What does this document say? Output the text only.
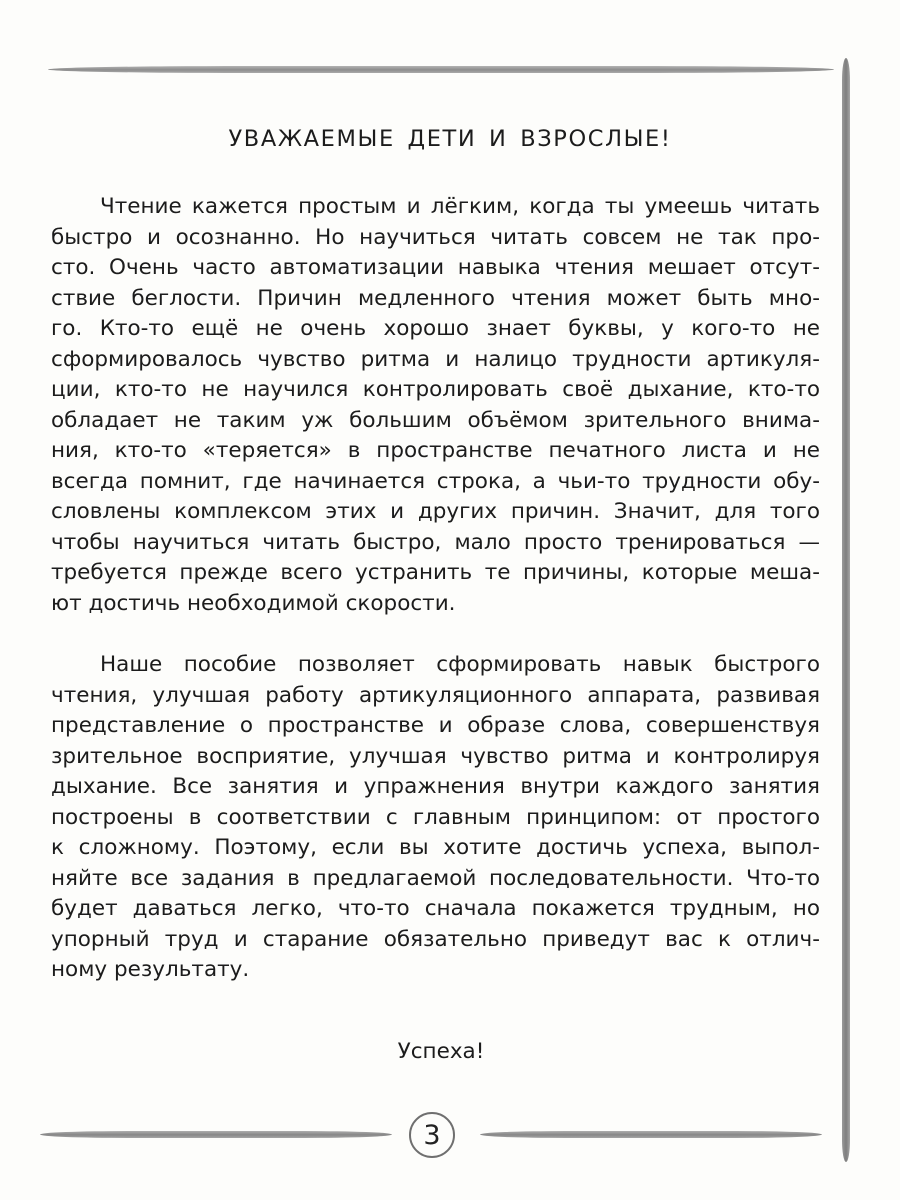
УВАЖАЕМЫЕ ДЕТИ И ВЗРОСЛЫЕ!
Чтение кажется простым и лёгким, когда ты умеешь читать
быстро и осознанно. Но научиться читать совсем не так про-
сто. Очень часто автоматизации навыка чтения мешает отсут-
ствие беглости. Причин медленного чтения может быть мно-
го. Кто-то ещё не очень хорошо знает буквы, у кого-то не
сформировалось чувство ритма и налицо трудности артикуля-
ции, кто-то не научился контролировать своё дыхание, кто-то
обладает не таким уж большим объёмом зрительного внима-
ния, кто-то «теряется» в пространстве печатного листа и не
всегда помнит, где начинается строка, а чьи-то трудности обу-
словлены комплексом этих и других причин. Значит, для того
чтобы научиться читать быстро, мало просто тренироваться —
требуется прежде всего устранить те причины, которые меша-
ют достичь необходимой скорости.
Наше пособие позволяет сформировать навык быстрого
чтения, улучшая работу артикуляционного аппарата, развивая
представление о пространстве и образе слова, совершенствуя
зрительное восприятие, улучшая чувство ритма и контролируя
дыхание. Все занятия и упражнения внутри каждого занятия
построены в соответствии с главным принципом: от простого
к сложному. Поэтому, если вы хотите достичь успеха, выпол-
няйте все задания в предлагаемой последовательности. Что-то
будет даваться легко, что-то сначала покажется трудным, но
упорный труд и старание обязательно приведут вас к отлич-
ному результату.

Успеха!

3
